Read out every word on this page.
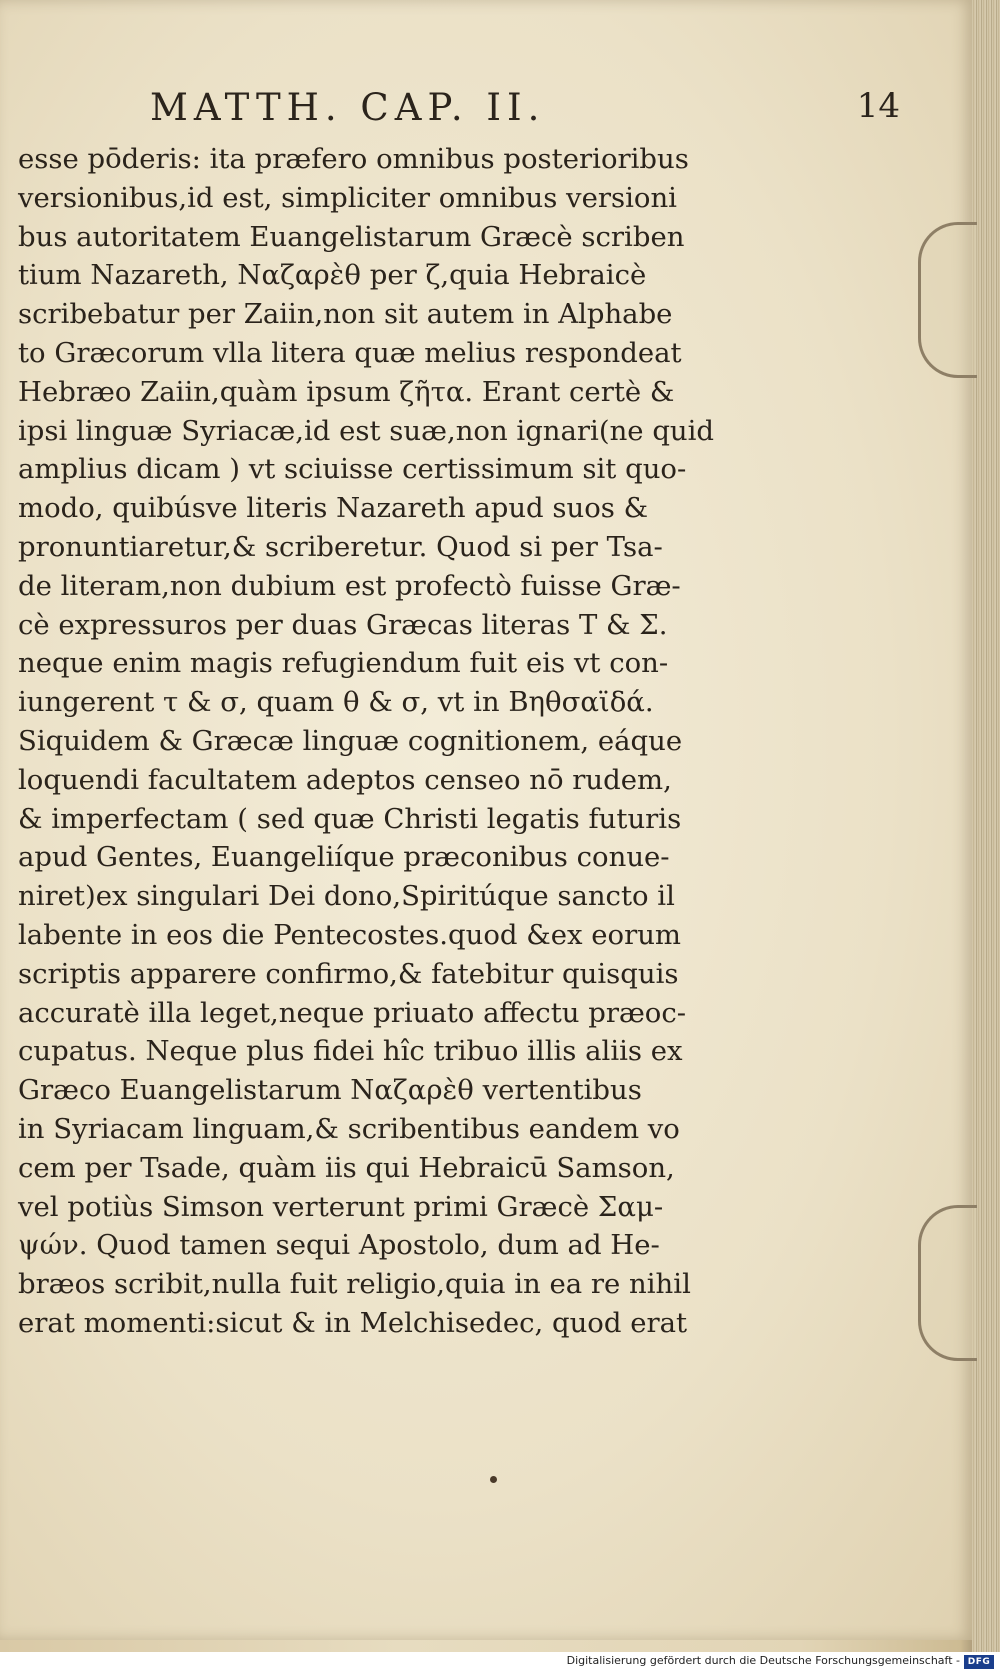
MATTH. CAP. II.	14
esse pōderis: ita præfero omnibus posterioribus
versionibus,id est, simpliciter omnibus versioni
bus autoritatem Euangelistarum Græcè scriben
tium Nazareth, Ναζαρὲθ per ζ,quia Hebraicè
scribebatur per Zaiin,non sit autem in Alphabe
to Græcorum vlla litera quæ melius respondeat
Hebræo Zaiin,quàm ipsum ζῆτα. Erant certè &
ipsi linguæ Syriacæ,id est suæ,non ignari(ne quid
amplius dicam ) vt sciuisse certissimum sit quo-
modo, quibúsve literis Nazareth apud suos &
pronuntiaretur,& scriberetur. Quod si per Tsa-
de literam,non dubium est profectò fuisse Græ-
cè expressuros per duas Græcas literas T & Σ.
neque enim magis refugiendum fuit eis vt con-
iungerent τ & σ, quam θ & σ, vt in Βηθσαϊδά.
Siquidem & Græcæ linguæ cognitionem, eáque
loquendi facultatem adeptos censeo nō rudem,
& imperfectam ( sed quæ Christi legatis futuris
apud Gentes, Euangeliíque præconibus conue-
niret)ex singulari Dei dono,Spiritúque sancto il
labente in eos die Pentecostes.quod &ex eorum
scriptis apparere confirmo,& fatebitur quisquis
accuratè illa leget,neque priuato affectu præoc-
cupatus. Neque plus fidei hîc tribuo illis aliis ex
Græco Euangelistarum Ναζαρὲθ vertentibus
in Syriacam linguam,& scribentibus eandem vo
cem per Tsade, quàm iis qui Hebraicū Samson,
vel potiùs Simson verterunt primi Græcè Σαμ-
ψών. Quod tamen sequi Apostolo, dum ad He-
bræos scribit,nulla fuit religio,quia in ea re nihil
erat momenti:sicut & in Melchisedec, quod erat
Digitalisierung gefördert durch die Deutsche Forschungsgemeinschaft - DFG
